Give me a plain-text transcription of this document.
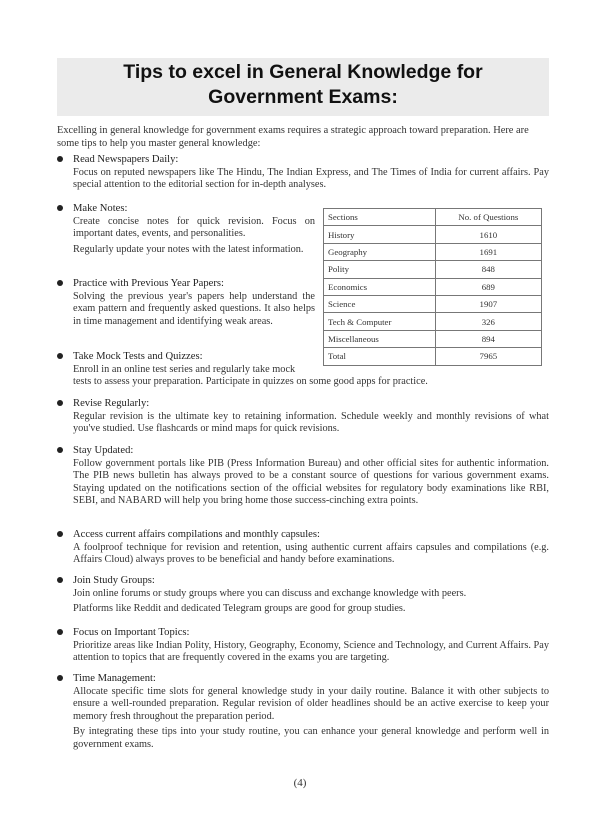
Tips to excel in General Knowledge for
Government Exams:
Excelling in general knowledge for government exams requires a strategic approach toward preparation. Here are some tips to help you master general knowledge:
Read Newspapers Daily:

Focus on reputed newspapers like The Hindu, The Indian Express, and The Times of India for current affairs. Pay special attention to the editorial section for in-depth analyses.

Make Notes:

Create concise notes for quick revision. Focus on important dates, events, and personalities.

Regularly update your notes with the latest information.

Practice with Previous Year Papers:

Solving the previous year's papers help understand the exam pattern and frequently asked questions. It also helps in time management and identifying weak areas.

Take Mock Tests and Quizzes:
Enroll in an online test series and regularly take mock
tests to assess your preparation. Participate in quizzes on some good apps for practice.
Revise Regularly:

Regular revision is the ultimate key to retaining information. Schedule weekly and monthly revisions of what you've studied. Use flashcards or mind maps for quick revisions.

Stay Updated:

Follow government portals like PIB (Press Information Bureau) and other official sites for authentic information. The PIB news bulletin has always proved to be a constant source of questions for various government exams. Staying updated on the notifications section of the official websites for regulatory body examinations like RBI, SEBI, and NABARD will help you bring home those success-cinching extra points.

Access current affairs compilations and monthly capsules:

A foolproof technique for revision and retention, using authentic current affairs capsules and compilations (e.g. Affairs Cloud) always proves to be beneficial and handy before examinations.

Join Study Groups:

Join online forums or study groups where you can discuss and exchange knowledge with peers.

Platforms like Reddit and dedicated Telegram groups are good for group studies.

Focus on Important Topics:

Prioritize areas like Indian Polity, History, Geography, Economy, Science and Technology, and Current Affairs. Pay attention to topics that are frequently covered in the exams you are targeting.

Time Management:

Allocate specific time slots for general knowledge study in your daily routine. Balance it with other subjects to ensure a well-rounded preparation. Regular revision of older headlines should be an active exercise to keep your memory fresh throughout the preparation period.

By integrating these tips into your study routine, you can enhance your general knowledge and perform well in government exams.

Sections	No. of Questions
History	1610
Geography	1691
Polity	848
Economics	689
Science	1907
Tech & Computer	326
Miscellaneous	894
Total	7965
(4)
